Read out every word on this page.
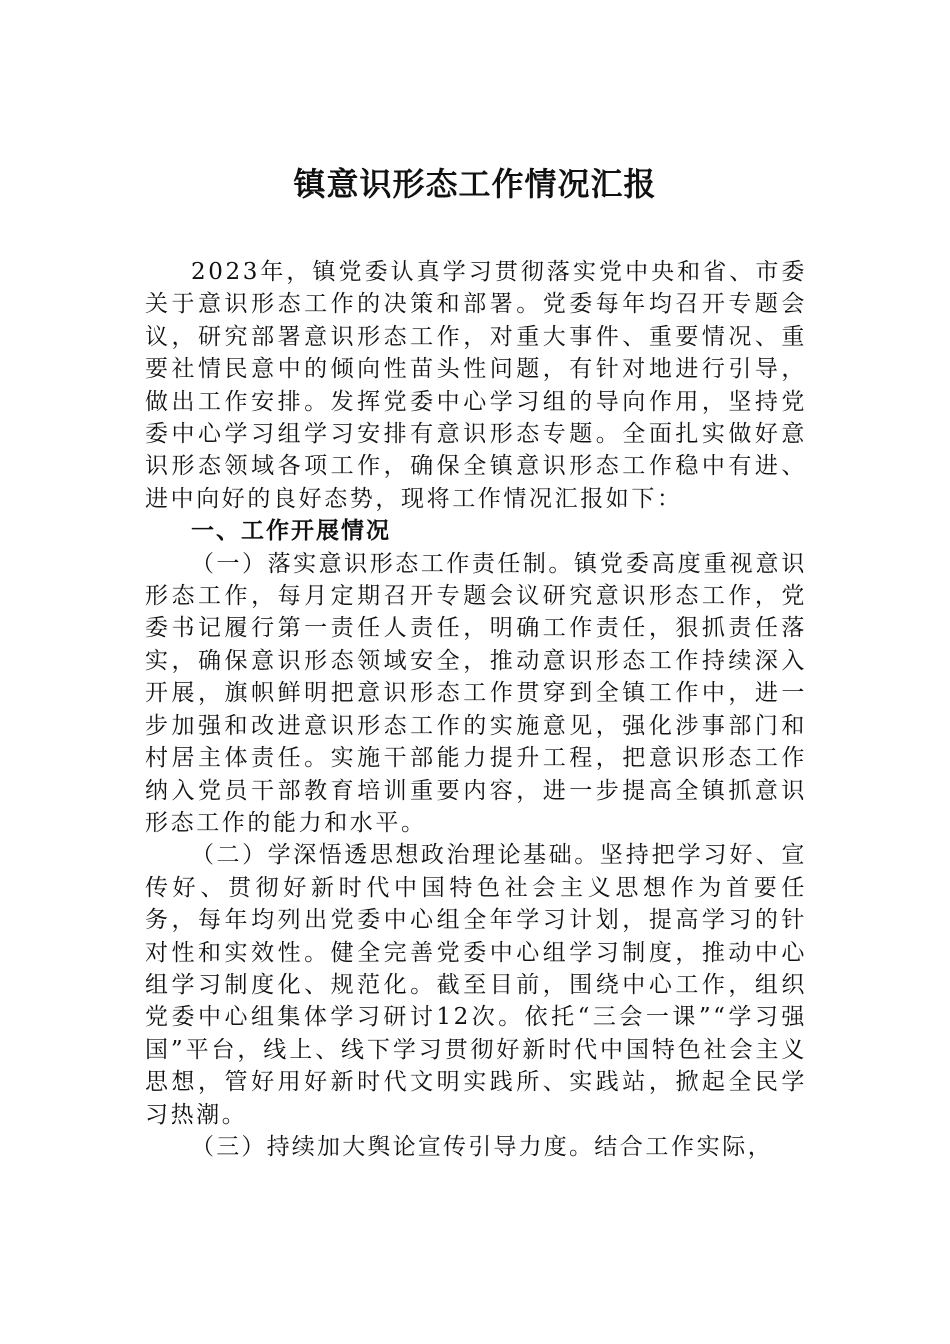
镇意识形态工作情况汇报

2023年，镇党委认真学习贯彻落实党中央和省、市委关于意识形态工作的决策和部署。党委每年均召开专题会议，研究部署意识形态工作，对重大事件、重要情况、重要社情民意中的倾向性苗头性问题，有针对地进行引导，做出工作安排。发挥党委中心学习组的导向作用，坚持党委中心学习组学习安排有意识形态专题。全面扎实做好意识形态领域各项工作，确保全镇意识形态工作稳中有进、进中向好的良好态势，现将工作情况汇报如下：

一、工作开展情况

（一）落实意识形态工作责任制。镇党委高度重视意识形态工作，每月定期召开专题会议研究意识形态工作，党委书记履行第一责任人责任，明确工作责任，狠抓责任落实，确保意识形态领域安全，推动意识形态工作持续深入开展，旗帜鲜明把意识形态工作贯穿到全镇工作中，进一步加强和改进意识形态工作的实施意见，强化涉事部门和村居主体责任。实施干部能力提升工程，把意识形态工作纳入党员干部教育培训重要内容，进一步提高全镇抓意识形态工作的能力和水平。

（二）学深悟透思想政治理论基础。坚持把学习好、宣传好、贯彻好新时代中国特色社会主义思想作为首要任务，每年均列出党委中心组全年学习计划，提高学习的针对性和实效性。健全完善党委中心组学习制度，推动中心组学习制度化、规范化。截至目前，围绕中心工作，组织党委中心组集体学习研讨12次。依托“三会一课”“学习强国”平台，线上、线下学习贯彻好新时代中国特色社会主义思想，管好用好新时代文明实践所、实践站，掀起全民学习热潮。

（三）持续加大舆论宣传引导力度。结合工作实际，
